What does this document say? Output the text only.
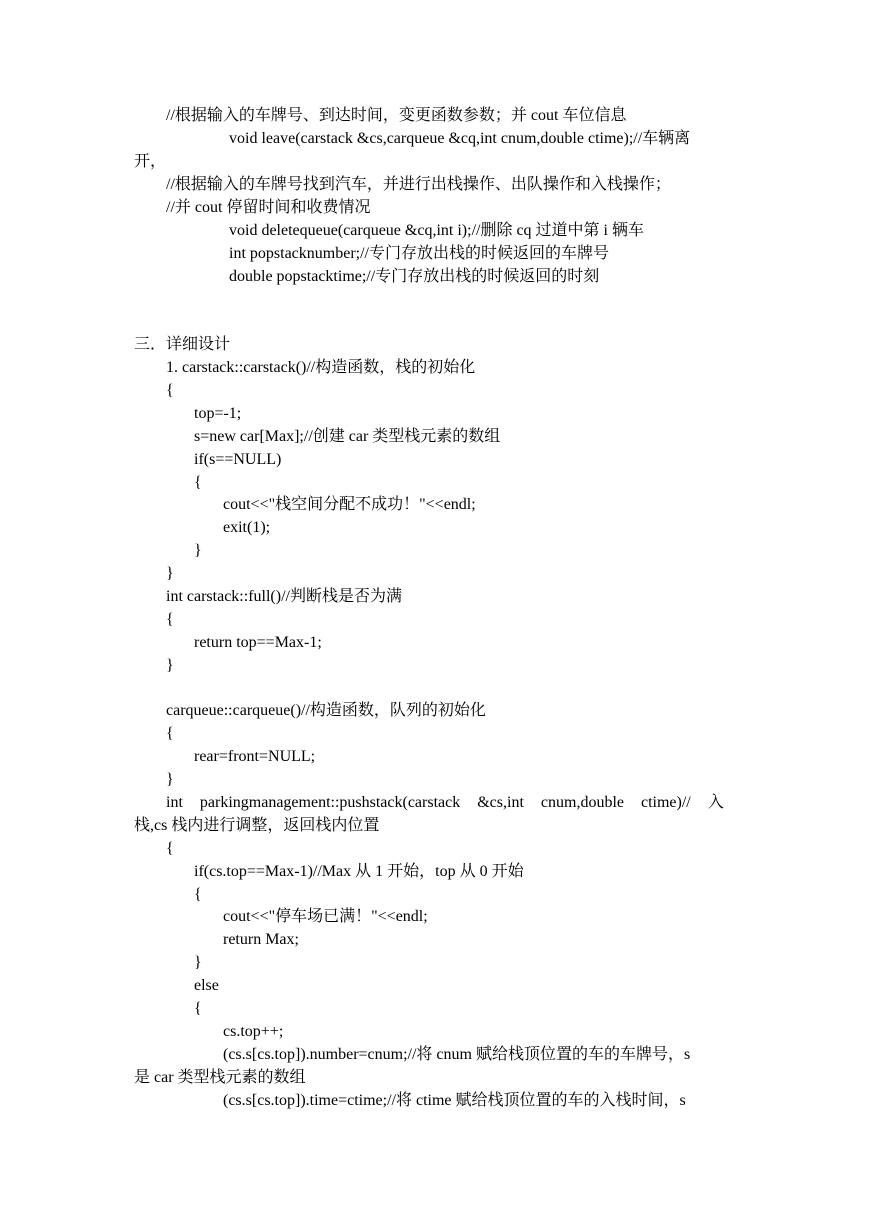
//根据输入的车牌号、到达时间，变更函数参数；并 cout 车位信息
void leave(carstack &cs,carqueue &cq,int cnum,double ctime);//车辆离
开，
//根据输入的车牌号找到汽车，并进行出栈操作、出队操作和入栈操作；
//并 cout 停留时间和收费情况
void deletequeue(carqueue &cq,int i);//删除 cq 过道中第 i 辆车
int popstacknumber;//专门存放出栈的时候返回的车牌号
double popstacktime;//专门存放出栈的时候返回的时刻
三．详细设计
1. carstack::carstack()//构造函数，栈的初始化
{
top=-1;
s=new car[Max];//创建 car 类型栈元素的数组
if(s==NULL)
{
cout<<"栈空间分配不成功！"<<endl;
exit(1);
}
}
int carstack::full()//判断栈是否为满
{
return top==Max-1;
}
carqueue::carqueue()//构造函数，队列的初始化
{
rear=front=NULL;
}
int parkingmanagement::pushstack(carstack &cs,int cnum,double ctime)// 入
栈,cs 栈内进行调整，返回栈内位置
{
if(cs.top==Max-1)//Max 从 1 开始，top 从 0 开始
{
cout<<"停车场已满！"<<endl;
return Max;
}
else
{
cs.top++;
(cs.s[cs.top]).number=cnum;//将 cnum 赋给栈顶位置的车的车牌号，s
是 car 类型栈元素的数组
(cs.s[cs.top]).time=ctime;//将 ctime 赋给栈顶位置的车的入栈时间，s
